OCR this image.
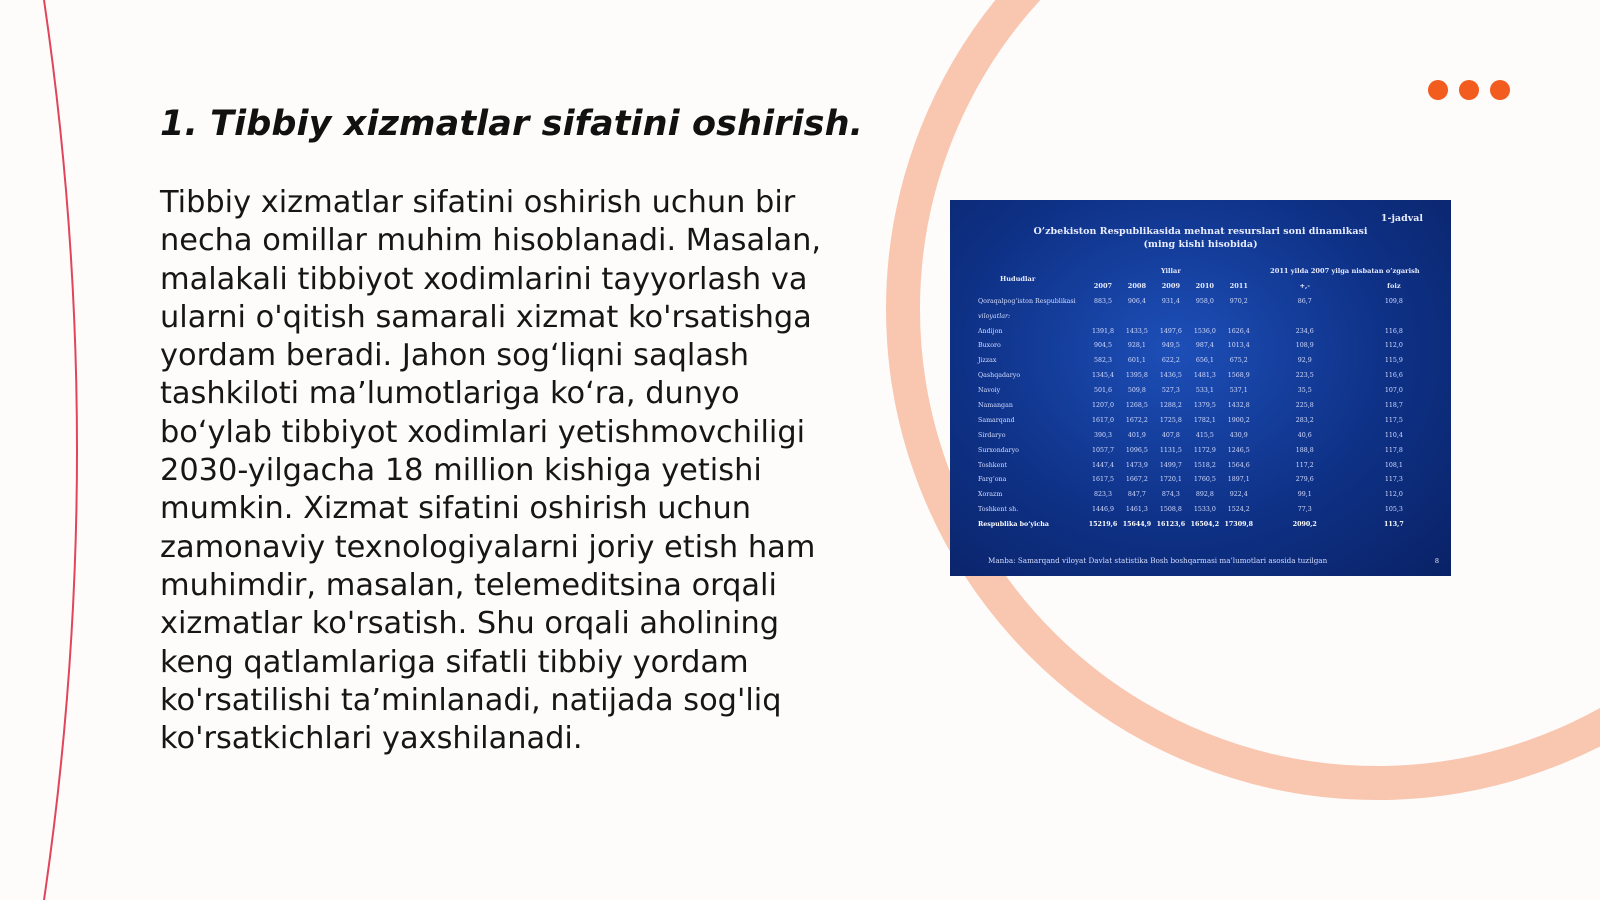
1. Tibbiy xizmatlar sifatini oshirish.

Tibbiy xizmatlar sifatini oshirish uchun bir necha omillar muhim hisoblanadi. Masalan, malakali tibbiyot xodimlarini tayyorlash va ularni o'qitish samarali xizmat ko'rsatishga yordam beradi. Jahon sog‘liqni saqlash tashkiloti ma’lumotlariga ko‘ra, dunyo bo‘ylab tibbiyot xodimlari yetishmovchiligi 2030-yilgacha 18 million kishiga yetishi mumkin. Xizmat sifatini oshirish uchun zamonaviy texnologiyalarni joriy etish ham muhimdir, masalan, telemeditsina orqali xizmatlar ko'rsatish. Shu orqali aholining keng qatlamlariga sifatli tibbiy yordam ko'rsatilishi ta’minlanadi, natijada sog'liq ko'rsatkichlari yaxshilanadi.

1-jadval
O’zbekiston Respublikasida mehnat resurslari soni dinamikasi
(ming kishi hisobida)
Hududlar	Yillar					2011 yilda 2007 yilga nisbatan o’zgarish	
	2007	2008	2009	2010	2011	+,-	foiz
Qoraqalpog‘iston Respublikasi	883,5	906,4	931,4	958,0	970,2	86,7	109,8
viloyatlar:							
Andijon	1391,8	1433,5	1497,6	1536,0	1626,4	234,6	116,8
Buxoro	904,5	928,1	949,5	987,4	1013,4	108,9	112,0
Jizzax	582,3	601,1	622,2	656,1	675,2	92,9	115,9
Qashqadaryo	1345,4	1395,8	1436,5	1481,3	1568,9	223,5	116,6
Navoiy	501,6	509,8	527,3	533,1	537,1	35,5	107,0
Namangan	1207,0	1268,5	1288,2	1379,5	1432,8	225,8	118,7
Samarqand	1617,0	1672,2	1725,8	1782,1	1900,2	283,2	117,5
Sirdaryo	390,3	401,9	407,8	415,5	430,9	40,6	110,4
Surxondaryo	1057,7	1096,5	1131,5	1172,9	1246,5	188,8	117,8
Toshkent	1447,4	1473,9	1499,7	1518,2	1564,6	117,2	108,1
Farg‘ona	1617,5	1667,2	1720,1	1760,5	1897,1	279,6	117,3
Xorazm	823,3	847,7	874,3	892,8	922,4	99,1	112,0
Toshkent sh.	1446,9	1461,3	1508,8	1533,0	1524,2	77,3	105,3
Respublika bo‘yicha	15219,6	15644,9	16123,6	16504,2	17309,8	2090,2	113,7
Manba: Samarqand viloyat Davlat statistika Bosh boshqarmasi ma’lumotlari asosida tuzilgan	8
